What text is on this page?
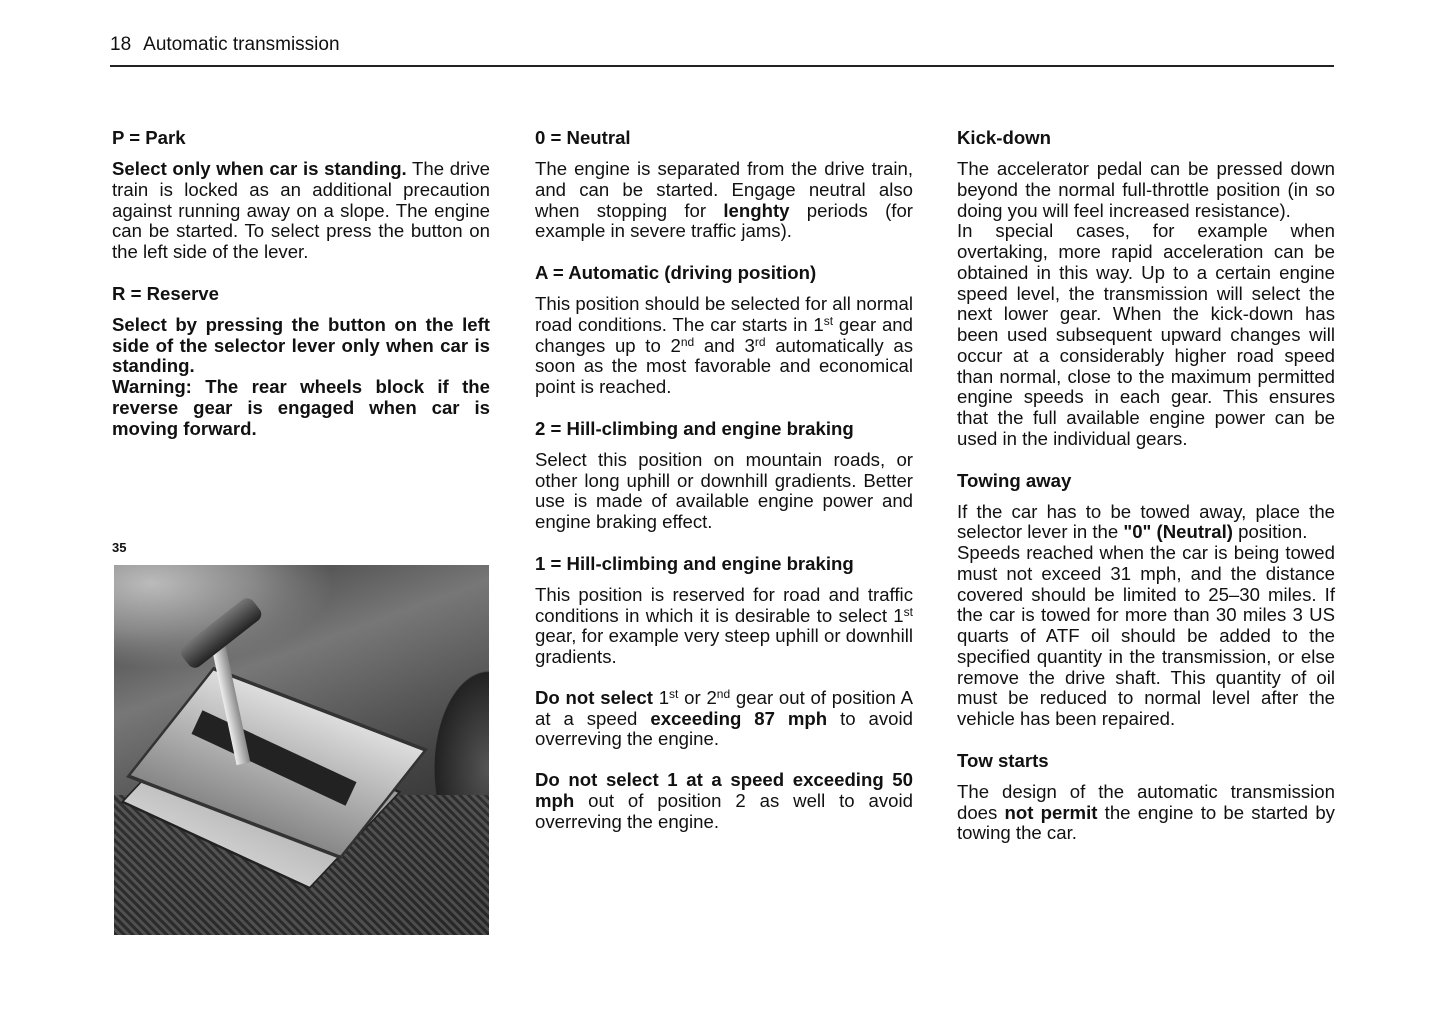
18 Automatic transmission
P = Park

Select only when car is standing. The drive train is locked as an additional precaution against running away on a slope. The engine can be started. To select press the button on the left side of the lever.

R = Reserve

Select by pressing the button on the left side of the selector lever only when car is standing.

Warning: The rear wheels block if the reverse gear is engaged when car is moving forward.

0 = Neutral

The engine is separated from the drive train, and can be started. Engage neutral also when stopping for lenghty periods (for example in severe traffic jams).

A = Automatic (driving position)

This position should be selected for all normal road conditions. The car starts in 1st gear and changes up to 2nd and 3rd automatically as soon as the most favorable and economical point is reached.

2 = Hill-climbing and engine braking

Select this position on mountain roads, or other long uphill or downhill gradients. Better use is made of available engine power and engine braking effect.

1 = Hill-climbing and engine braking

This position is reserved for road and traffic conditions in which it is desirable to select 1st gear, for example very steep uphill or downhill gradients.

Do not select 1st or 2nd gear out of position A at a speed exceeding 87 mph to avoid overreving the engine.

Do not select 1 at a speed exceeding 50 mph out of position 2 as well to avoid overreving the engine.

Kick-down

The accelerator pedal can be pressed down beyond the normal full-throttle position (in so doing you will feel increased resistance).

In special cases, for example when overtaking, more rapid acceleration can be obtained in this way. Up to a certain engine speed level, the transmission will select the next lower gear. When the kick-down has been used subsequent upward changes will occur at a considerably higher road speed than normal, close to the maximum permitted engine speeds in each gear. This ensures that the full available engine power can be used in the individual gears.

Towing away

If the car has to be towed away, place the selector lever in the "0" (Neutral) position.

Speeds reached when the car is being towed must not exceed 31 mph, and the distance covered should be limited to 25–30 miles. If the car is towed for more than 30 miles 3 US quarts of ATF oil should be added to the specified quantity in the transmission, or else remove the drive shaft. This quantity of oil must be reduced to normal level after the vehicle has been repaired.

Tow starts

The design of the automatic transmission does not permit the engine to be started by towing the car.

35
